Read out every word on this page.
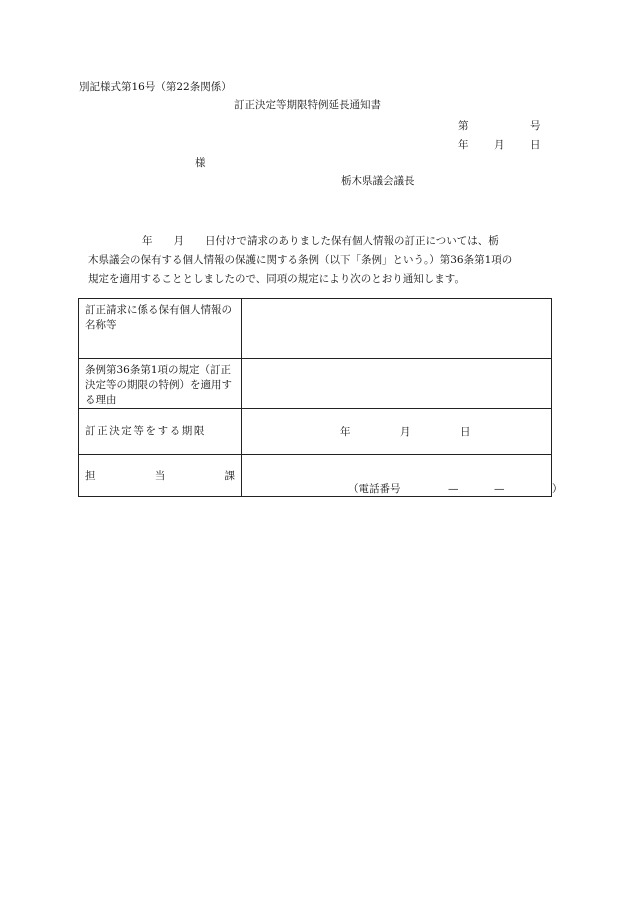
別記様式第16号（第22条関係）
訂正決定等期限特例延長通知書
第	号
年 月 日
様
栃木県議会議長
　　　　年　　月　　日付けで請求のありました保有個人情報の訂正については、栃
木県議会の保有する個人情報の保護に関する条例（以下「条例」という。）第36条第1項の
規定を適用することとしましたので、同項の規定により次のとおり通知します。
訂正請求に係る保有個人情報の名称等	
条例第36条第1項の規定（訂正決定等の期限の特例）を適用する理由	

訂正決定等をする期限	年 月 日

担 当 課	（電話番号 — — ）
